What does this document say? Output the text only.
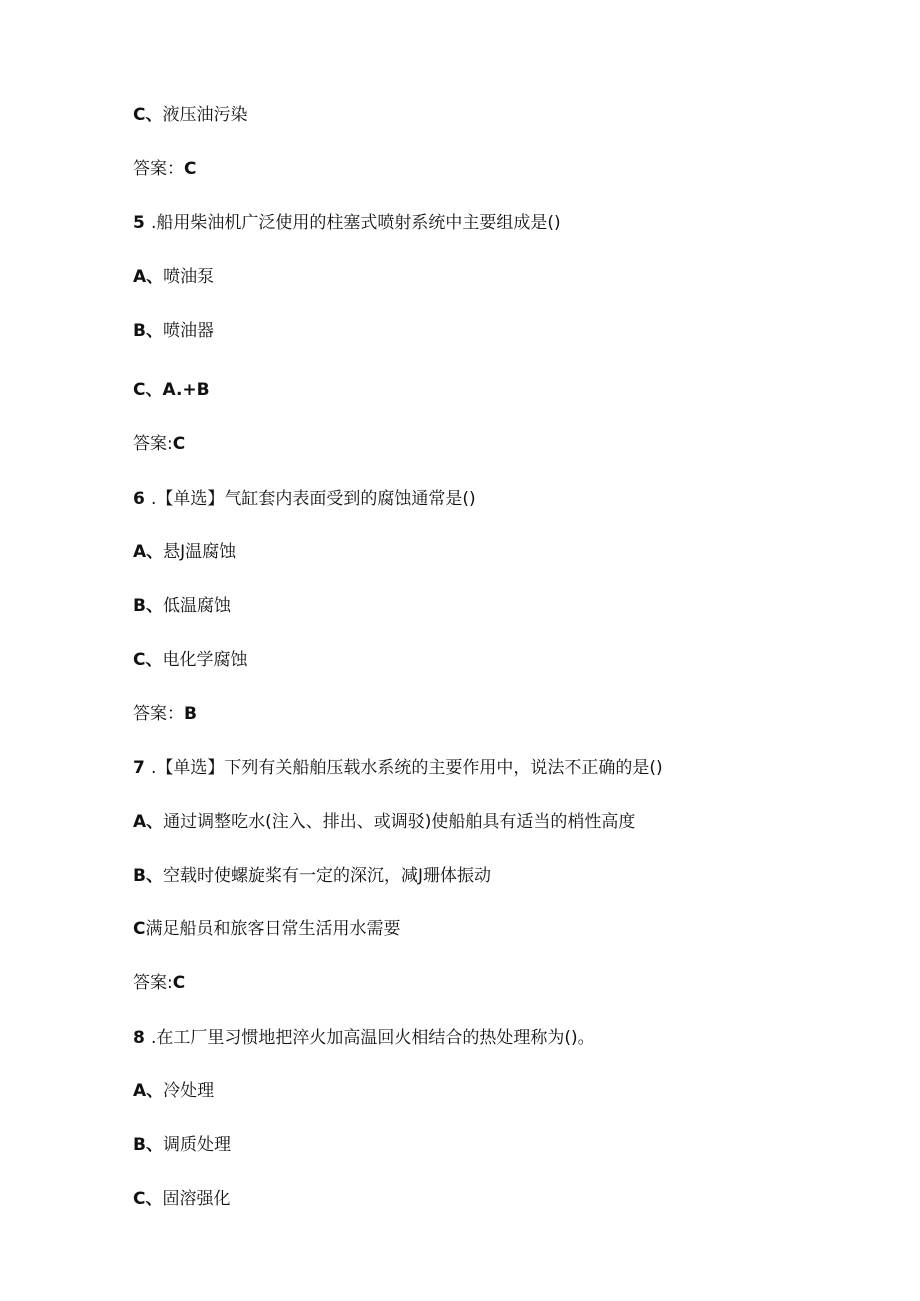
C、液压油污染
答案：C
5 .船用柴油机广泛使用的柱塞式喷射系统中主要组成是()
A、喷油泵
B、喷油器
C、A.+B
答案:C
6 .【单选】气缸套内表面受到的腐蚀通常是()
A、悬J温腐蚀
B、低温腐蚀
C、电化学腐蚀
答案：B
7 .【单选】下列有关船舶压载水系统的主要作用中，说法不正确的是()
A、通过调整吃水(注入、排出、或调驳)使船舶具有适当的梢性高度
B、空载时使螺旋桨有一定的深沉，减J珊体振动
C满足船员和旅客日常生活用水需要
答案:C
8 .在工厂里习惯地把淬火加高温回火相结合的热处理称为()。
A、冷处理
B、调质处理
C、固溶强化
